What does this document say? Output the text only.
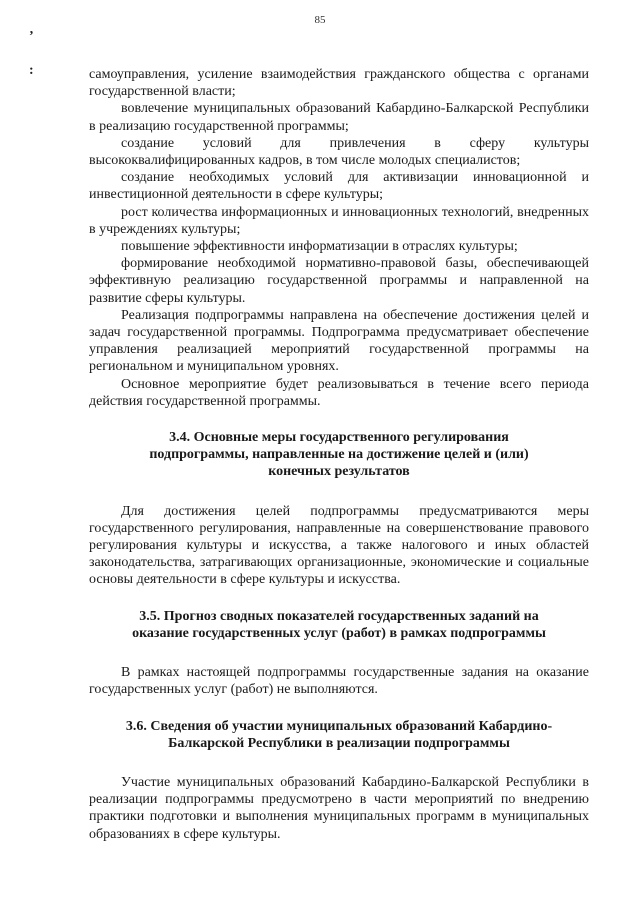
85
’
:	самоуправления, усиление взаимодействия гражданского общества с органами государственной власти;

вовлечение муниципальных образований Кабардино-Балкарской Республики в реализацию государственной программы;

создание условий для привлечения в сферу культуры высококвалифицированных кадров, в том числе молодых специалистов;

создание необходимых условий для активизации инновационной и инвестиционной деятельности в сфере культуры;

рост количества информационных и инновационных технологий, внедренных в учреждениях культуры;

повышение эффективности информатизации в отраслях культуры;

формирование необходимой нормативно-правовой базы, обеспечивающей эффективную реализацию государственной программы и направленной на развитие сферы культуры.

Реализация подпрограммы направлена на обеспечение достижения целей и задач государственной программы. Подпрограмма предусматривает обеспечение управления реализацией мероприятий государственной программы на региональном и муниципальном уровнях.

Основное мероприятие будет реализовываться в течение всего периода действия государственной программы.

3.4. Основные меры государственного регулирования
подпрограммы, направленные на достижение целей и (или)
конечных результатов

Для достижения целей подпрограммы предусматриваются меры государственного регулирования, направленные на совершенствование правового регулирования культуры и искусства, а также налогового и иных областей законодательства, затрагивающих организационные, экономические и социальные основы деятельности в сфере культуры и искусства.

3.5. Прогноз сводных показателей государственных заданий на
оказание государственных услуг (работ) в рамках подпрограммы

В рамках настоящей подпрограммы государственные задания на оказание государственных услуг (работ) не выполняются.

3.6. Сведения об участии муниципальных образований Кабардино-
Балкарской Республики в реализации подпрограммы

Участие муниципальных образований Кабардино-Балкарской Республики в реализации подпрограммы предусмотрено в части мероприятий по внедрению практики подготовки и выполнения муниципальных программ в муниципальных образованиях в сфере культуры.
